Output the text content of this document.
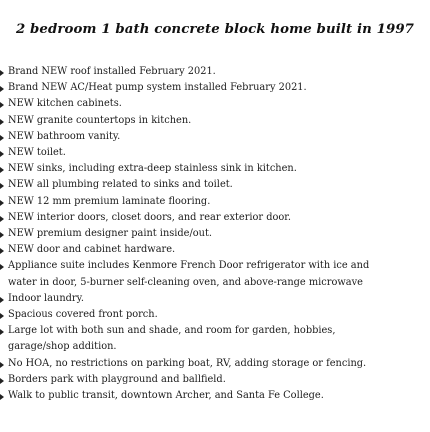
2 bedroom 1 bath concrete block home built in 1997
Brand NEW roof installed February 2021.
Brand NEW AC/Heat pump system installed February 2021.
NEW kitchen cabinets.
NEW granite countertops in kitchen.
NEW bathroom vanity.
NEW toilet.
NEW sinks, including extra-deep stainless sink in kitchen.
NEW all plumbing related to sinks and toilet.
NEW 12 mm premium laminate flooring.
NEW interior doors, closet doors, and rear exterior door.
NEW premium designer paint inside/out.
NEW door and cabinet hardware.
Appliance suite includes Kenmore French Door refrigerator with ice and
water in door, 5-burner self-cleaning oven, and above-range microwave
Indoor laundry.
Spacious covered front porch.
Large lot with both sun and shade, and room for garden, hobbies,
garage/shop addition.
No HOA, no restrictions on parking boat, RV, adding storage or fencing.
Borders park with playground and ballfield.
Walk to public transit, downtown Archer, and Santa Fe College.
